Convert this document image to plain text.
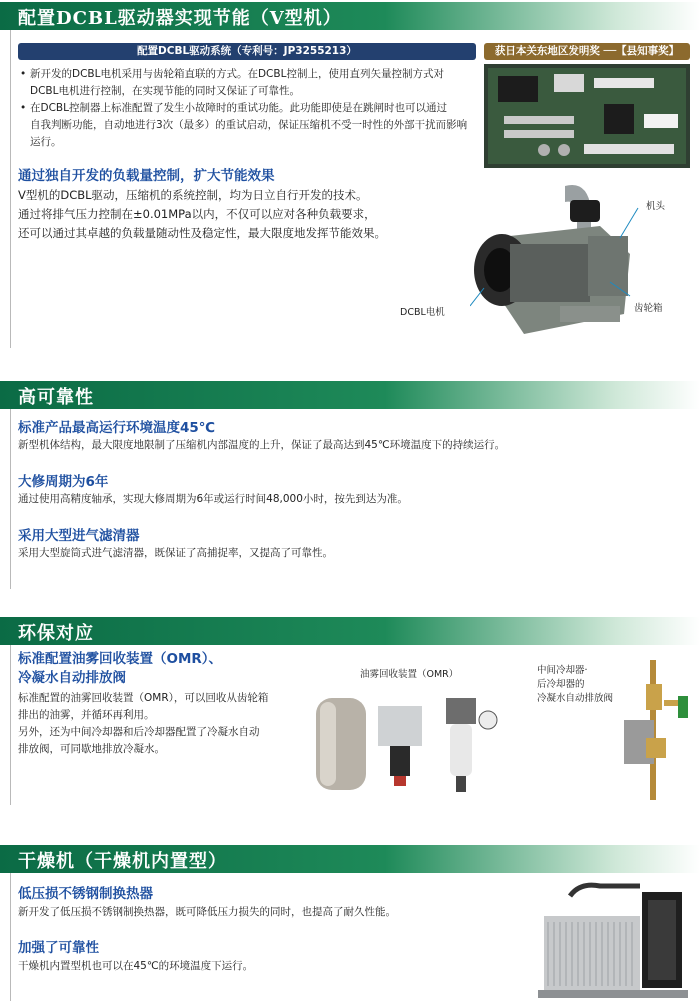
配置DCBL驱动器实现节能（V型机）
配置DCBL驱动系统（专利号：JP3255213）	获日本关东地区发明奖 ──【县知事奖】
• 新开发的DCBL电机采用与齿轮箱直联的方式。在DCBL控制上，使用直列矢量控制方式对
DCBL电机进行控制，在实现节能的同时又保证了可靠性。
• 在DCBL控制器上标准配置了发生小故障时的重试功能。此功能即使是在跳闸时也可以通过
自我判断功能，自动地进行3次（最多）的重试启动，保证压缩机不受一时性的外部干扰而影响
运行。
通过独自开发的负载量控制，扩大节能效果
V型机的DCBL驱动，压缩机的系统控制，均为日立自行开发的技术。
通过将排气压力控制在±0.01MPa以内，不仅可以应对各种负载要求，
还可以通过其卓越的负载量随动性及稳定性，最大限度地发挥节能效果。
机头
DCBL电机	齿轮箱
高可靠性
标准产品最高运行环境温度45℃
新型机体结构，最大限度地限制了压缩机内部温度的上升，保证了最高达到45℃环境温度下的持续运行。
大修周期为6年
通过使用高精度轴承，实现大修周期为6年或运行时间48,000小时，按先到达为准。
采用大型进气滤清器
采用大型旋筒式进气滤清器，既保证了高捕捉率，又提高了可靠性。
环保对应
标准配置油雾回收装置（OMR）、
冷凝水自动排放阀
标准配置的油雾回收装置（OMR），可以回收从齿轮箱
排出的油雾，并循环再利用。
另外，还为中间冷却器和后冷却器配置了冷凝水自动
排放阀，可同歇地排放冷凝水。
油雾回收装置（OMR）	中间冷却器·
后冷却器的
冷凝水自动排放阀
干燥机（干燥机内置型）
低压损不锈钢制换热器
新开发了低压损不锈钢制换热器，既可降低压力损失的同时，也提高了耐久性能。
加强了可靠性
干燥机内置型机也可以在45℃的环境温度下运行。
